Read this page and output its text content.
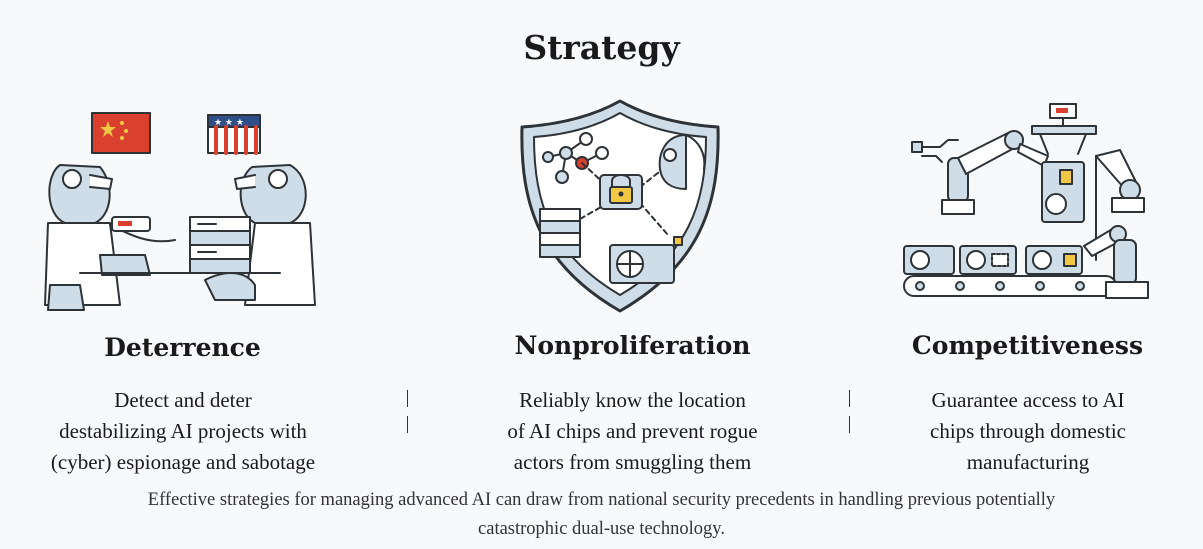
Strategy
★ ★ ★
Deterrence	Nonproliferation	Competitiveness
Detect and deter
destabilizing AI projects with
(cyber) espionage and sabotage
Reliably know the location
of AI chips and prevent rogue
actors from smuggling them
Guarantee access to AI
chips through domestic
manufacturing
Effective strategies for managing advanced AI can draw from national security precedents in handling previous potentially
catastrophic dual-use technology.
